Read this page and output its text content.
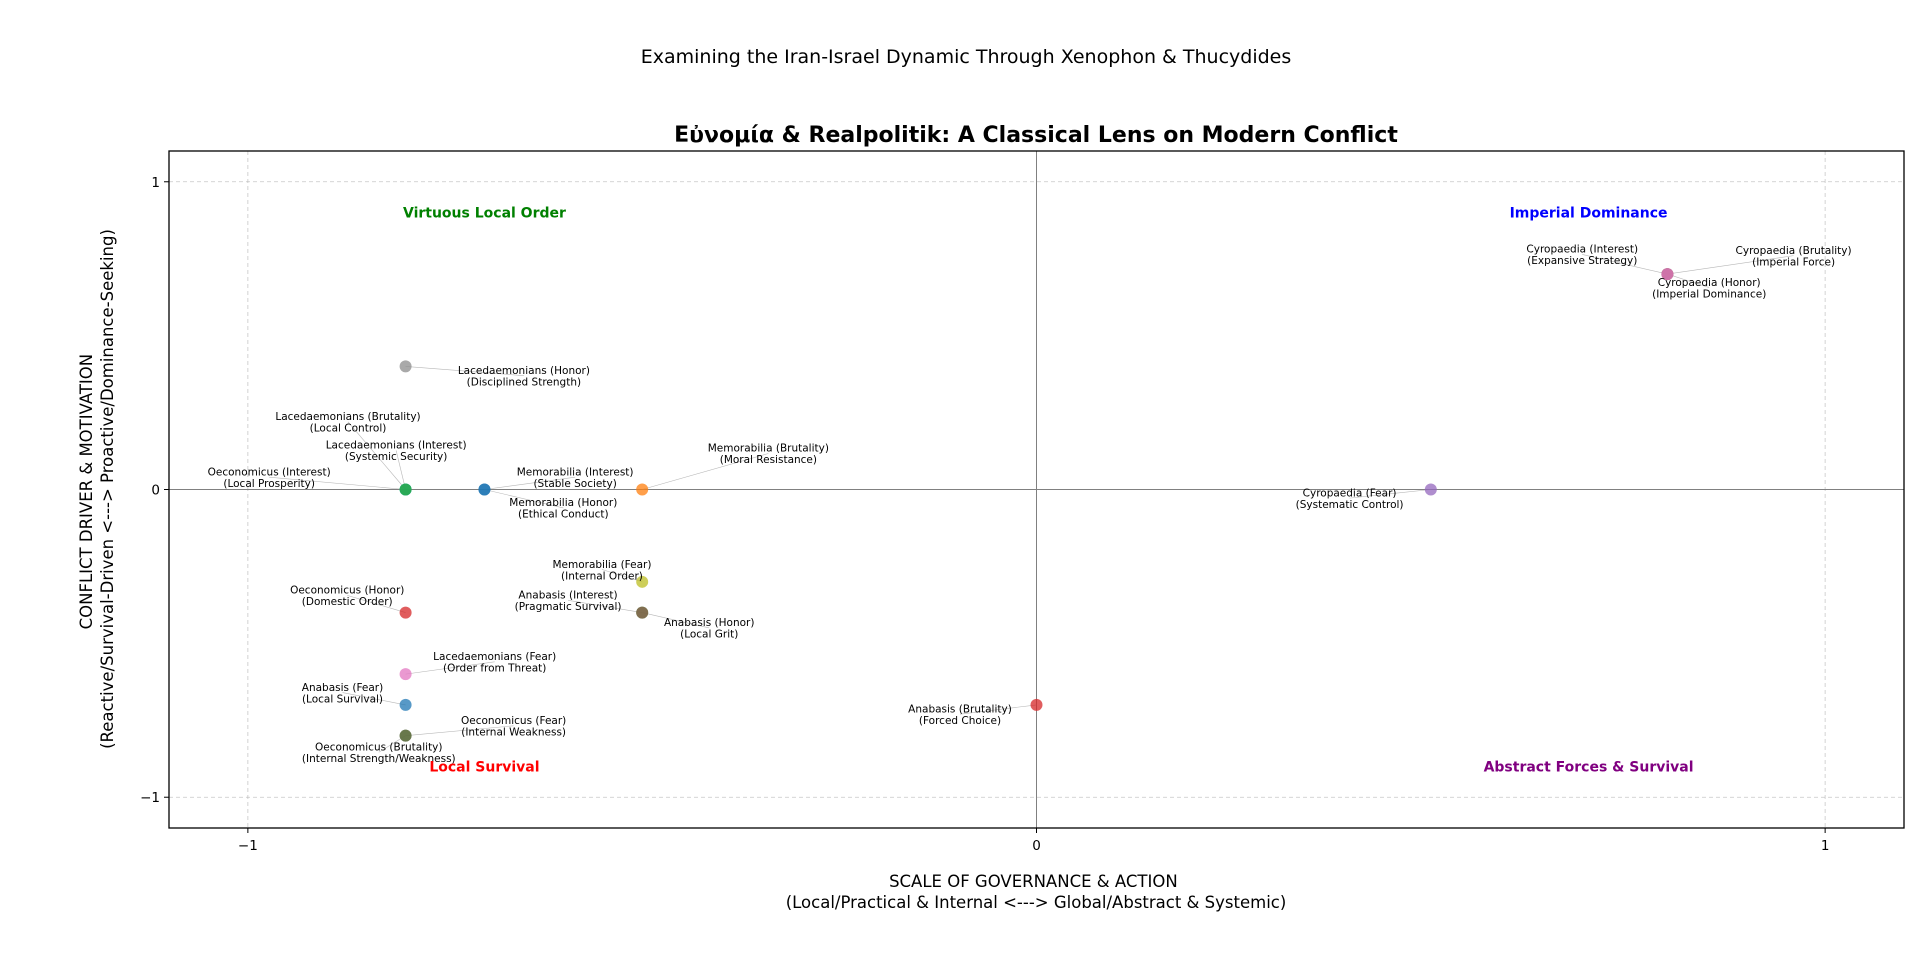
Examining the Iran-Israel Dynamic Through Xenophon & Thucydides
Εὐνομία & Realpolitik: A Classical Lens on Modern Conflict
Lacedaemonians (Honor) (Disciplined Strength)
Lacedaemonians (Brutality) (Local Control)
Lacedaemonians (Interest) (Systemic Security)
Oeconomicus (Interest) (Local Prosperity)
Memorabilia (Interest) (Stable Society)
Memorabilia (Honor) (Ethical Conduct)
Memorabilia (Brutality) (Moral Resistance)
Cyropaedia (Fear) (Systematic Control)
Cyropaedia (Interest) (Expansive Strategy)
Cyropaedia (Brutality) (Imperial Force)
Cyropaedia (Honor) (Imperial Dominance)
Memorabilia (Fear) (Internal Order)
Anabasis (Interest) (Pragmatic Survival)
Anabasis (Honor) (Local Grit)
Oeconomicus (Honor) (Domestic Order)
Lacedaemonians (Fear) (Order from Threat)
Anabasis (Fear) (Local Survival)
Oeconomicus (Fear) (Internal Weakness)
Oeconomicus (Brutality) (Internal Strength/Weakness)
Anabasis (Brutality) (Forced Choice)
Virtuous Local Order	Imperial Dominance
Local Survival	Abstract Forces & Survival
−1	0	1
−1
0
1
SCALE OF GOVERNANCE & ACTION (Local/Practical & Internal <---> Global/Abstract & Systemic)
CONFLICT DRIVER & MOTIVATION (Reactive/Survival-Driven <---> Proactive/Dominance-Seeking)
